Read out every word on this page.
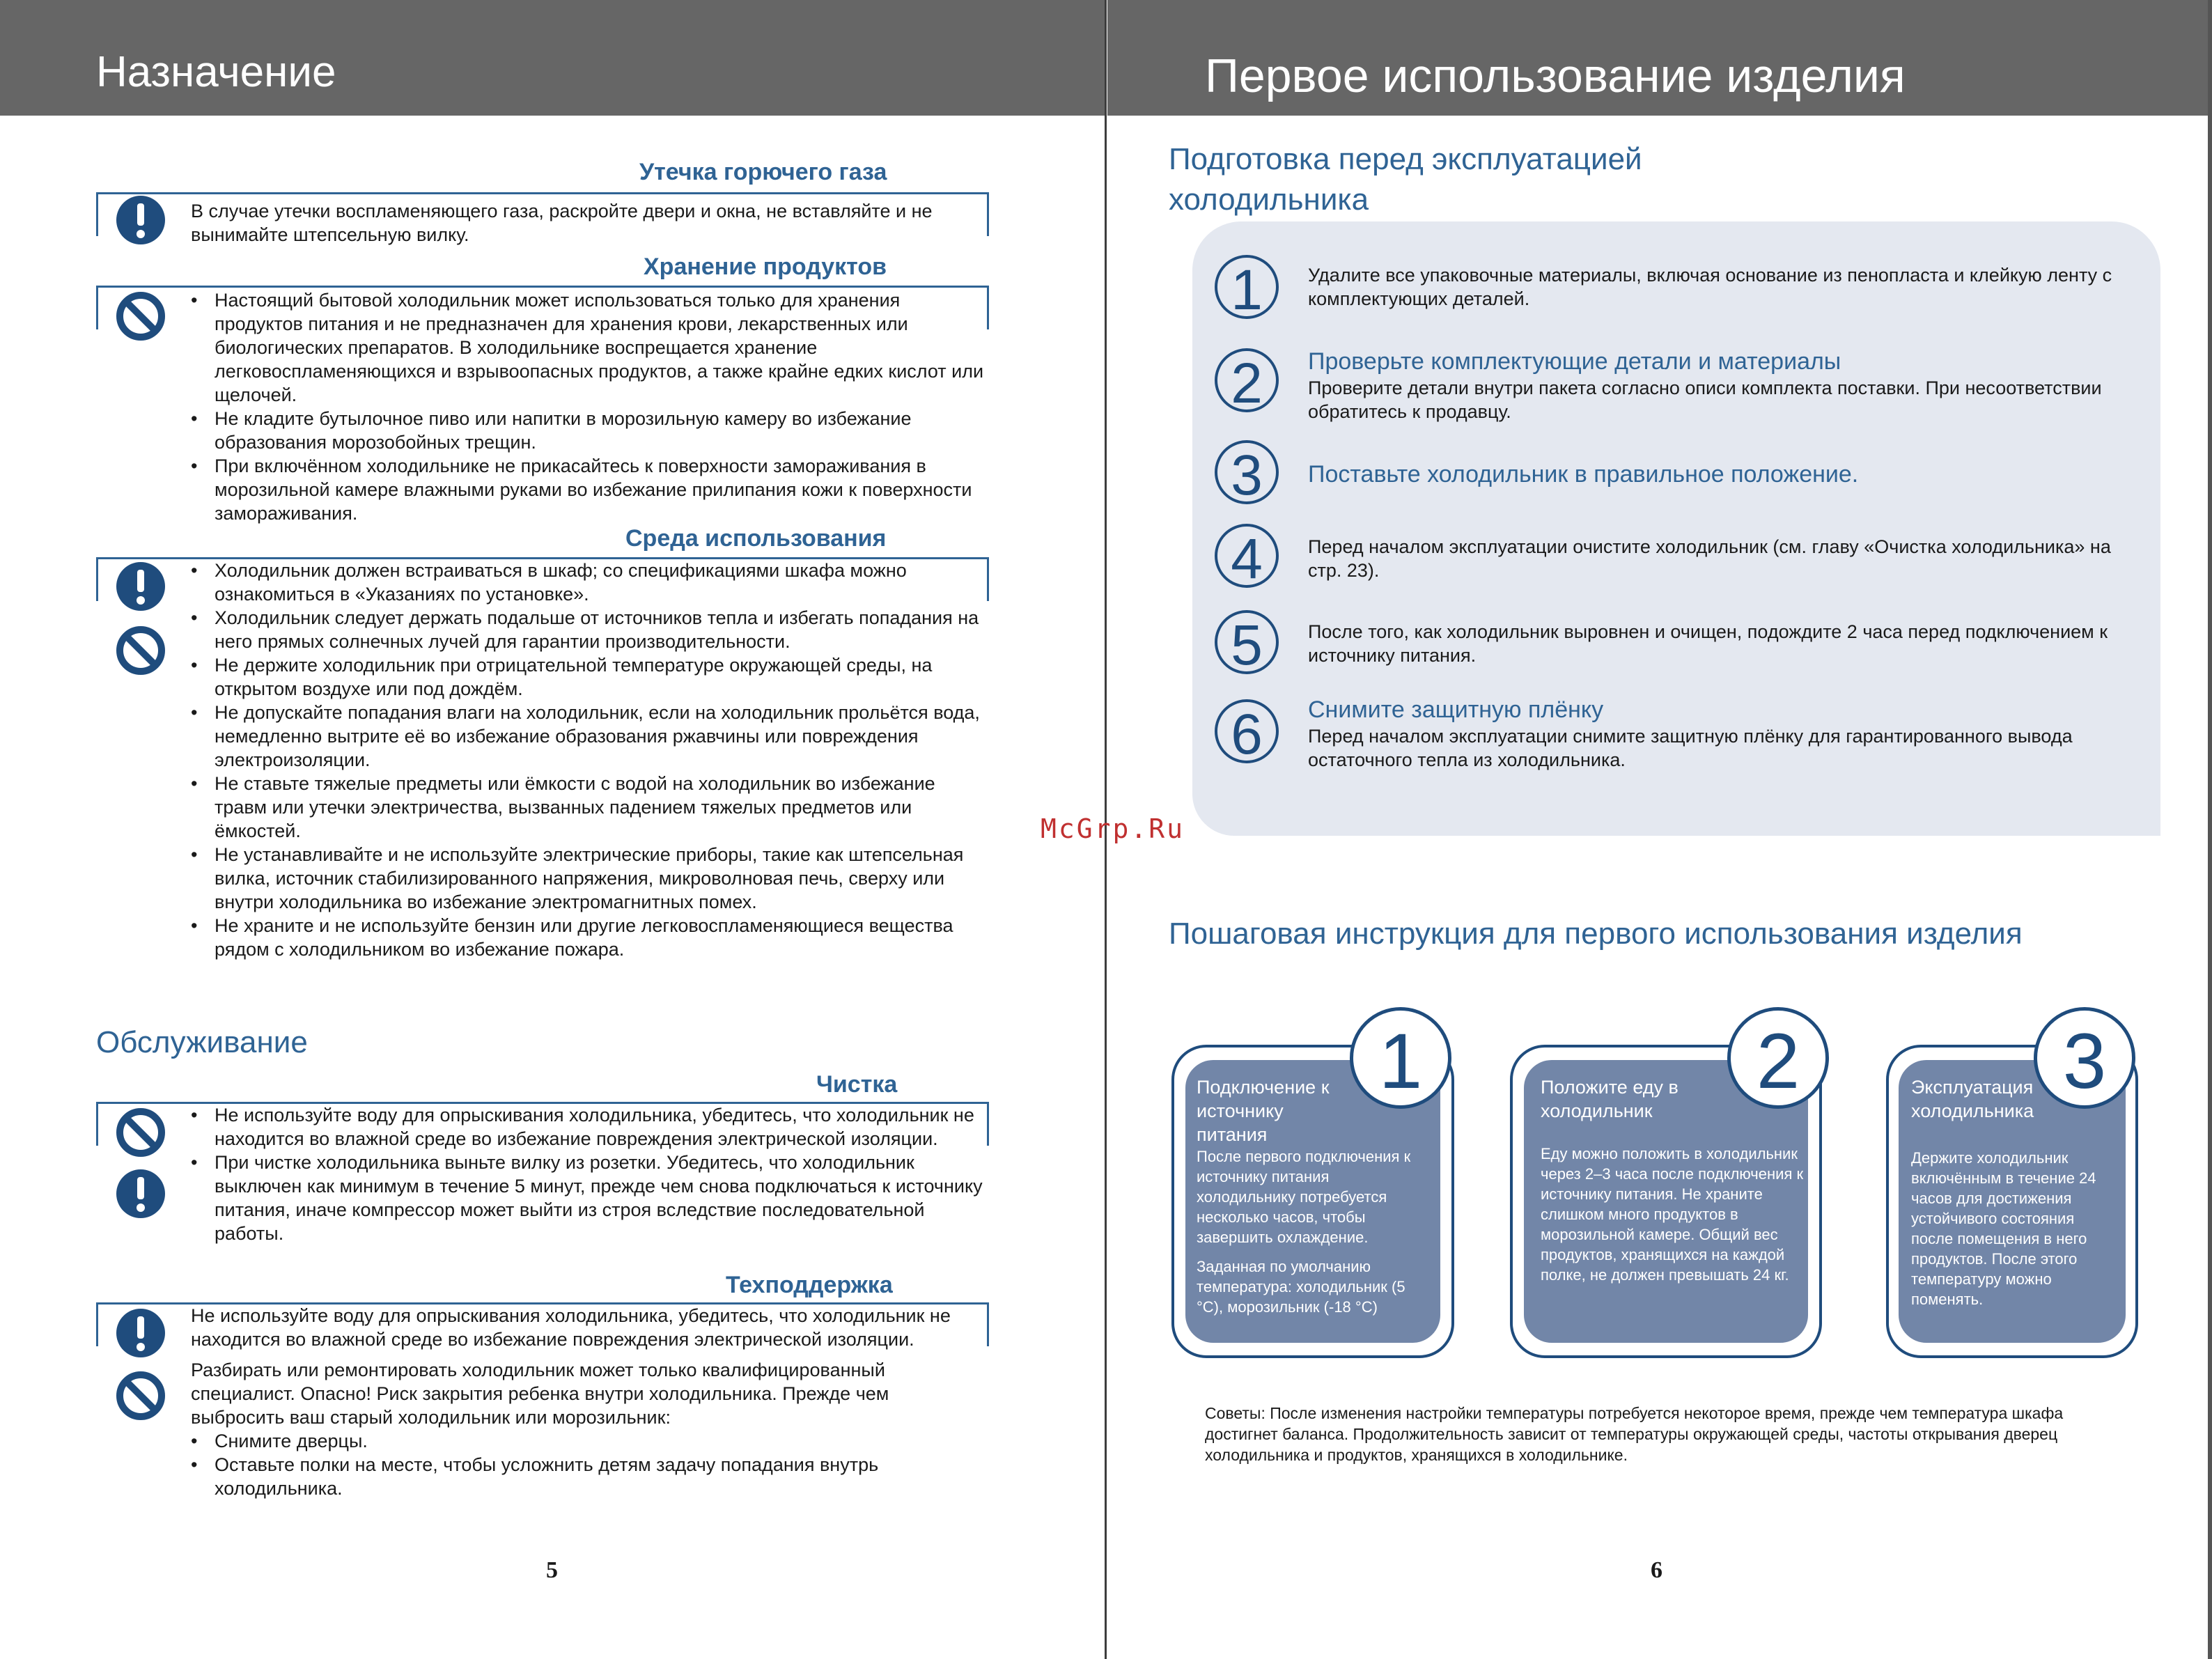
Назначение	Первое использование изделия
Утечка горючего газа
В случае утечки воспламеняющего газа, раскройте двери и окна, не вставляйте и не вынимайте штепсельную вилку.
Хранение продуктов
• Настоящий бытовой холодильник может использоваться только для хранения продуктов питания и не предназначен для хранения крови, лекарственных или биологических препаратов. В холодильнике воспрещается хранение легковоспламеняющихся и взрывоопасных продуктов, а также крайне едких кислот или щелочей.
• Не кладите бутылочное пиво или напитки в морозильную камеру во избежание образования морозобойных трещин.
• При включённом холодильнике не прикасайтесь к поверхности замораживания в морозильной камере влажными руками во избежание прилипания кожи к поверхности замораживания.
Среда использования
• Холодильник должен встраиваться в шкаф; со спецификациями шкафа можно ознакомиться в «Указаниях по установке».
• Холодильник следует держать подальше от источников тепла и избегать попадания на него прямых солнечных лучей для гарантии производительности.
• Не держите холодильник при отрицательной температуре окружающей среды, на открытом воздухе или под дождём.
• Не допускайте попадания влаги на холодильник, если на холодильник прольётся вода, немедленно вытрите её во избежание образования ржавчины или повреждения электроизоляции.
• Не ставьте тяжелые предметы или ёмкости с водой на холодильник во избежание травм или утечки электричества, вызванных падением тяжелых предметов или ёмкостей.
• Не устанавливайте и не используйте электрические приборы, такие как штепсельная вилка, источник стабилизированного напряжения, микроволновая печь, сверху или внутри холодильника во избежание электромагнитных помех.
• Не храните и не используйте бензин или другие легковоспламеняющиеся вещества рядом с холодильником во избежание пожара.
Обслуживание
Чистка
• Не используйте воду для опрыскивания холодильника, убедитесь, что холодильник не находится во влажной среде во избежание повреждения электрической изоляции.
• При чистке холодильника выньте вилку из розетки. Убедитесь, что холодильник выключен как минимум в течение 5 минут, прежде чем снова подключаться к источнику питания, иначе компрессор может выйти из строя вследствие последовательной работы.
Техподдержка
Не используйте воду для опрыскивания холодильника, убедитесь, что холодильник не находится во влажной среде во избежание повреждения электрической изоляции.
Разбирать или ремонтировать холодильник может только квалифицированный специалист. Опасно! Риск закрытия ребенка внутри холодильника. Прежде чем выбросить ваш старый холодильник или морозильник:
• Снимите дверцы.
• Оставьте полки на месте, чтобы усложнить детям задачу попадания внутрь холодильника.
5
McGrp.Ru
Подготовка перед эксплуатацией холодильника
1	Удалите все упаковочные материалы, включая основание из пенопласта и клейкую ленту с комплектующих деталей.
2	Проверьте комплектующие детали и материалы
Проверите детали внутри пакета согласно описи комплекта поставки. При несоответствии обратитесь к продавцу.
3	Поставьте холодильник в правильное положение.
4	Перед началом эксплуатации очистите холодильник (см. главу «Очистка холодильника» на стр. 23).
5	После того, как холодильник выровнен и очищен, подождите 2 часа перед подключением к источнику питания.
6	Снимите защитную плёнку
Перед началом эксплуатации снимите защитную плёнку для гарантированного вывода остаточного тепла из холодильника.
Пошаговая инструкция для первого использования изделия
Подключение к источнику питания
После первого подключения к источнику питания холодильнику потребуется несколько часов, чтобы завершить охлаждение.
Заданная по умолчанию температура: холодильник (5 °C), морозильник (-18 °C)
1	Положите еду в холодильник
Еду можно положить в холодильник через 2–3 часа после подключения к источнику питания. Не храните слишком много продуктов в морозильной камере. Общий вес продуктов, хранящихся на каждой полке, не должен превышать 24 кг.
2	Эксплуатация холодильника
Держите холодильник включённым в течение 24 часов для достижения устойчивого состояния после помещения в него продуктов. После этого температуру можно поменять.
3
Советы: После изменения настройки температуры потребуется некоторое время, прежде чем температура шкафа достигнет баланса. Продолжительность зависит от температуры окружающей среды, частоты открывания дверец холодильника и продуктов, хранящихся в холодильнике.
6
